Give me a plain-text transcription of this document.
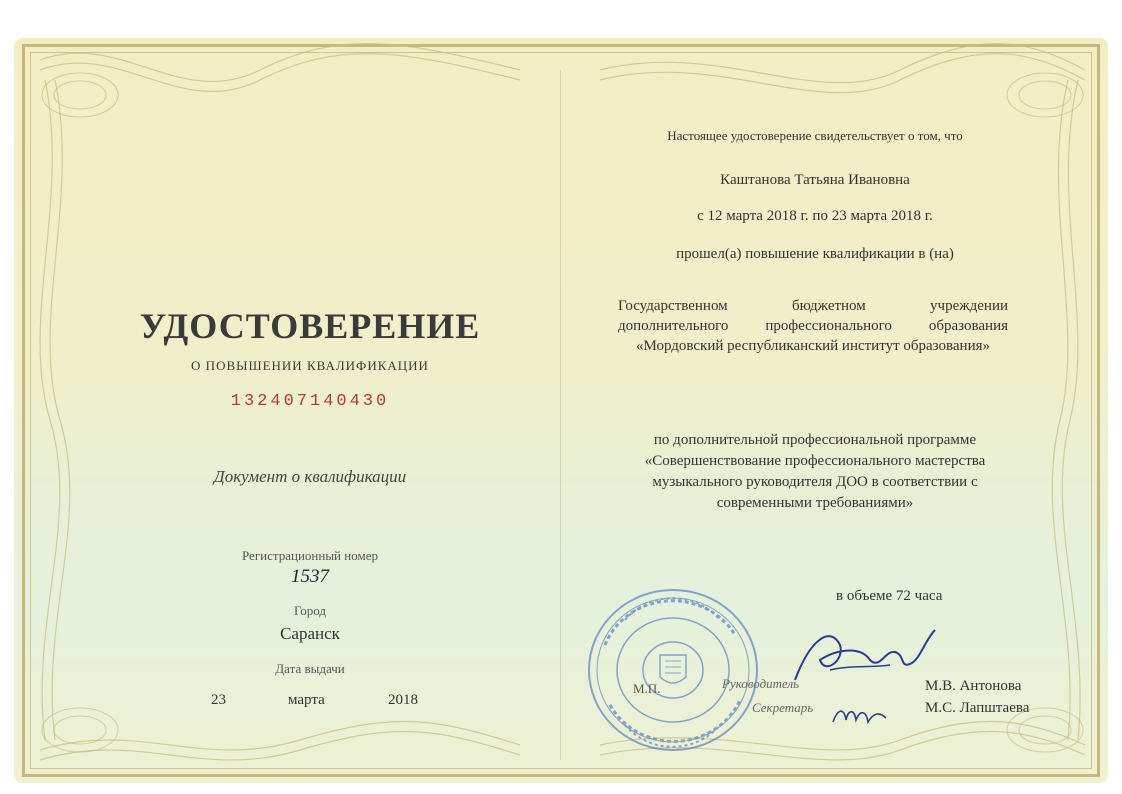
УДОСТОВЕРЕНИЕ
О ПОВЫШЕНИИ КВАЛИФИКАЦИИ
132407140430
Документ о квалификации
Регистрационный номер
1537
Город
Саранск
Дата выдачи
23	марта	2018
Настоящее удостоверение свидетельствует о том, что
Каштанова Татьяна Ивановна
с 12 марта 2018 г. по 23 марта 2018 г.
прошел(а) повышение квалификации в (на)

Государственном бюджетном учреждении

дополнительного профессионального образования

«Мордовский республиканский институт образования»

по дополнительной профессиональной программе
«Совершенствование профессионального мастерства
музыкального руководителя ДОО в соответствии с
современными требованиями»
в объеме 72 часа
М.П.	Руководитель	М.В. Антонова
Секретарь	М.С. Лапштаева
